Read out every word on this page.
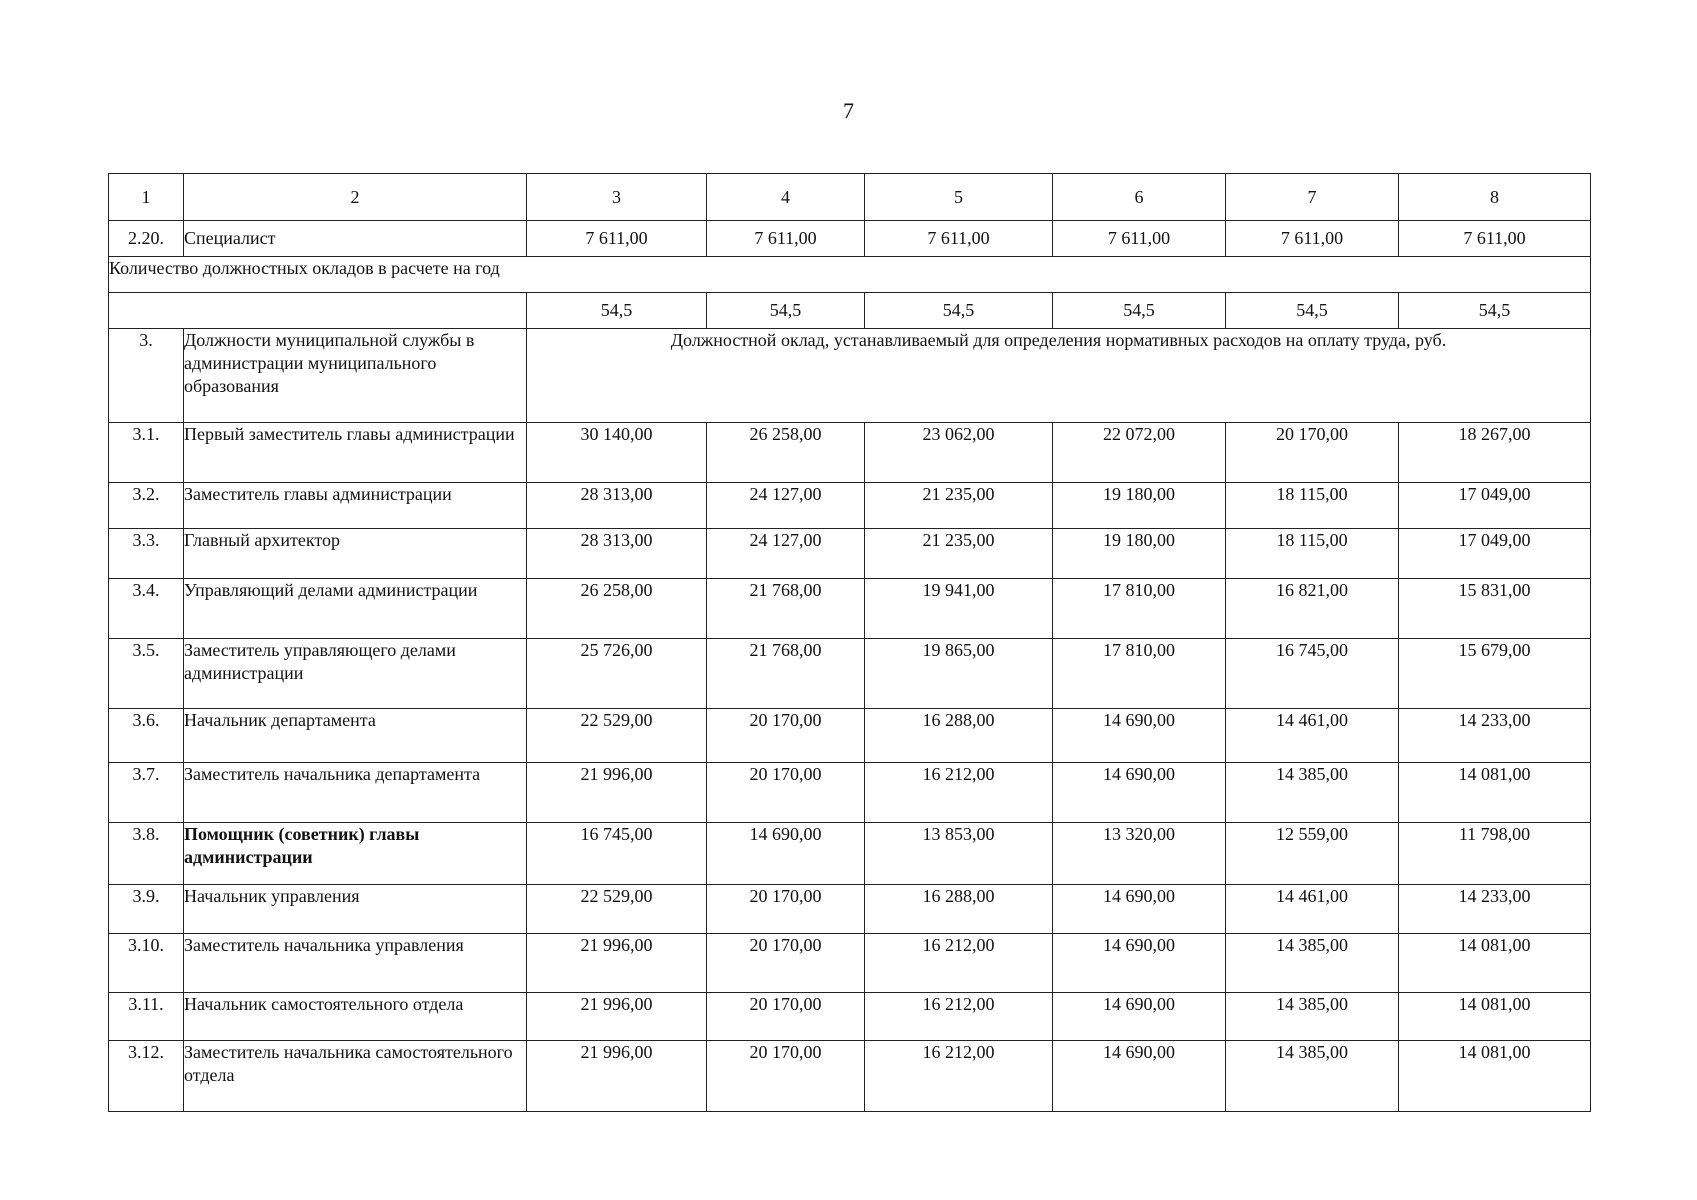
7
1	2	3	4	5	6	7	8
2.20.	Специалист	7 611,00	7 611,00	7 611,00	7 611,00	7 611,00	7 611,00
Количество должностных окладов в расчете на год							
		54,5	54,5	54,5	54,5	54,5	54,5
3.	Должности муниципальной службы в администрации муниципального образования	Должностной оклад, устанавливаемый для определения нормативных расходов на оплату труда, руб.					
3.1.	Первый заместитель главы администрации	30 140,00	26 258,00	23 062,00	22 072,00	20 170,00	18 267,00
3.2.	Заместитель главы администрации	28 313,00	24 127,00	21 235,00	19 180,00	18 115,00	17 049,00
3.3.	Главный архитектор	28 313,00	24 127,00	21 235,00	19 180,00	18 115,00	17 049,00
3.4.	Управляющий делами администрации	26 258,00	21 768,00	19 941,00	17 810,00	16 821,00	15 831,00
3.5.	Заместитель управляющего делами администрации	25 726,00	21 768,00	19 865,00	17 810,00	16 745,00	15 679,00
3.6.	Начальник департамента	22 529,00	20 170,00	16 288,00	14 690,00	14 461,00	14 233,00
3.7.	Заместитель начальника департамента	21 996,00	20 170,00	16 212,00	14 690,00	14 385,00	14 081,00
3.8.	Помощник (советник) главы администрации	16 745,00	14 690,00	13 853,00	13 320,00	12 559,00	11 798,00
3.9.	Начальник управления	22 529,00	20 170,00	16 288,00	14 690,00	14 461,00	14 233,00
3.10.	Заместитель начальника управления	21 996,00	20 170,00	16 212,00	14 690,00	14 385,00	14 081,00
3.11.	Начальник самостоятельного отдела	21 996,00	20 170,00	16 212,00	14 690,00	14 385,00	14 081,00
3.12.	Заместитель начальника самостоятельного отдела	21 996,00	20 170,00	16 212,00	14 690,00	14 385,00	14 081,00
